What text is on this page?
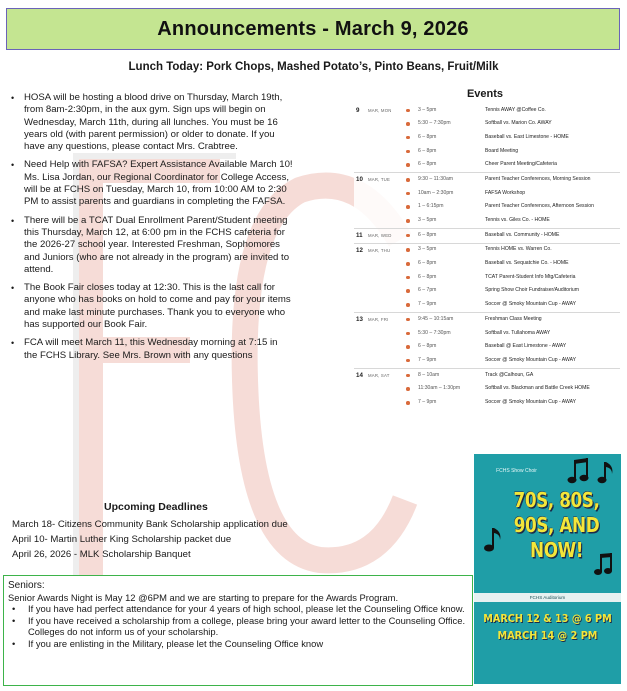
Announcements - March 9, 2026
Lunch Today: Pork Chops, Mashed Potato’s, Pinto Beans, Fruit/Milk
• HOSA will be hosting a blood drive on Thursday, March 19th, from 8am-2:30pm, in the aux gym. Sign ups will begin on Wednesday, March 11th, during all lunches. You must be 16 years old (with parent permission) or older to donate. If you have any questions, please contact Mrs. Crabtree.
• Need Help with FAFSA? Expert Assistance Available March 10! Ms. Lisa Jordan, our Regional Coordinator for College Access, will be at FCHS on Tuesday, March 10, from 10:00 AM to 2:30 PM to assist parents and guardians in completing the FAFSA.
• There will be a TCAT Dual Enrollment Parent/Student meeting this Thursday, March 12, at 6:00 pm in the FCHS cafeteria for the 2026-27 school year. Interested Freshman, Sophomores and Juniors (who are not already in the program) are invited to attend.
• The Book Fair closes today at 12:30. This is the last call for anyone who has books on hold to come and pay for your items and make last minute purchases. Thank you to everyone who has supported our Book Fair.
• FCA will meet March 11, this Wednesday morning at 7:15 in the FCHS Library. See Mrs. Brown with any questions
Events
9 MAR, MON	3 – 5pm	Tennis AWAY @Coffee Co.
5:30 – 7:30pm	Softball vs. Marion Co. AWAY
6 – 8pm	Baseball vs. East Limestone - HOME
6 – 8pm	Board Meeting
6 – 8pm	Cheer Parent Meeting/Cafeteria
10 MAR, TUE	9:30 – 11:30am	Parent Teacher Conferences, Morning Session
10am – 2:30pm	FAFSA Workshop
1 – 6:15pm	Parent Teacher Conferences, Afternoon Session
3 – 5pm	Tennis vs. Giles Co. - HOME
11 MAR, WED	6 – 8pm	Baseball vs. Community - HOME
12 MAR, THU	3 – 5pm	Tennis HOME vs. Warren Co.
6 – 8pm	Baseball vs. Sequatchie Co. - HOME
6 – 8pm	TCAT Parent-Student Info Mtg/Cafeteria
6 – 7pm	Spring Show Choir Fundraiser/Auditorium
7 – 9pm	Soccer @ Smoky Mountain Cup - AWAY
13 MAR, FRI	9:45 – 10:15am	Freshman Class Meeting
5:30 – 7:30pm	Softball vs. Tullahoma AWAY
6 – 8pm	Baseball @ East Limestone - AWAY
7 – 9pm	Soccer @ Smoky Mountain Cup - AWAY
14 MAR, SAT	8 – 10am	Track @Calhoun, GA
11:30am – 1:30pm	Softball vs. Blackman and Battle Creek HOME
7 – 9pm	Soccer @ Smoky Mountain Cup - AWAY
Upcoming Deadlines
March 18- Citizens Community Bank Scholarship application due
April 10- Martin Luther King Scholarship packet due
April 26, 2026 - MLK Scholarship Banquet
Seniors:
Senior Awards Night is May 12 @6PM and we are starting to prepare for the Awards Program.
• If you have had perfect attendance for your 4 years of high school, please let the Counseling Office know.
• If you have received a scholarship from a college, please bring your award letter to the Counseling Office. Colleges do not inform us of your scholarship.
• If you are enlisting in the Military, please let the Counseling Office know
FCHS Show Choir
70S, 80S,
90S, AND
NOW!
FCHS Auditorium
MARCH 12 & 13 @ 6 PM
MARCH 14 @ 2 PM
